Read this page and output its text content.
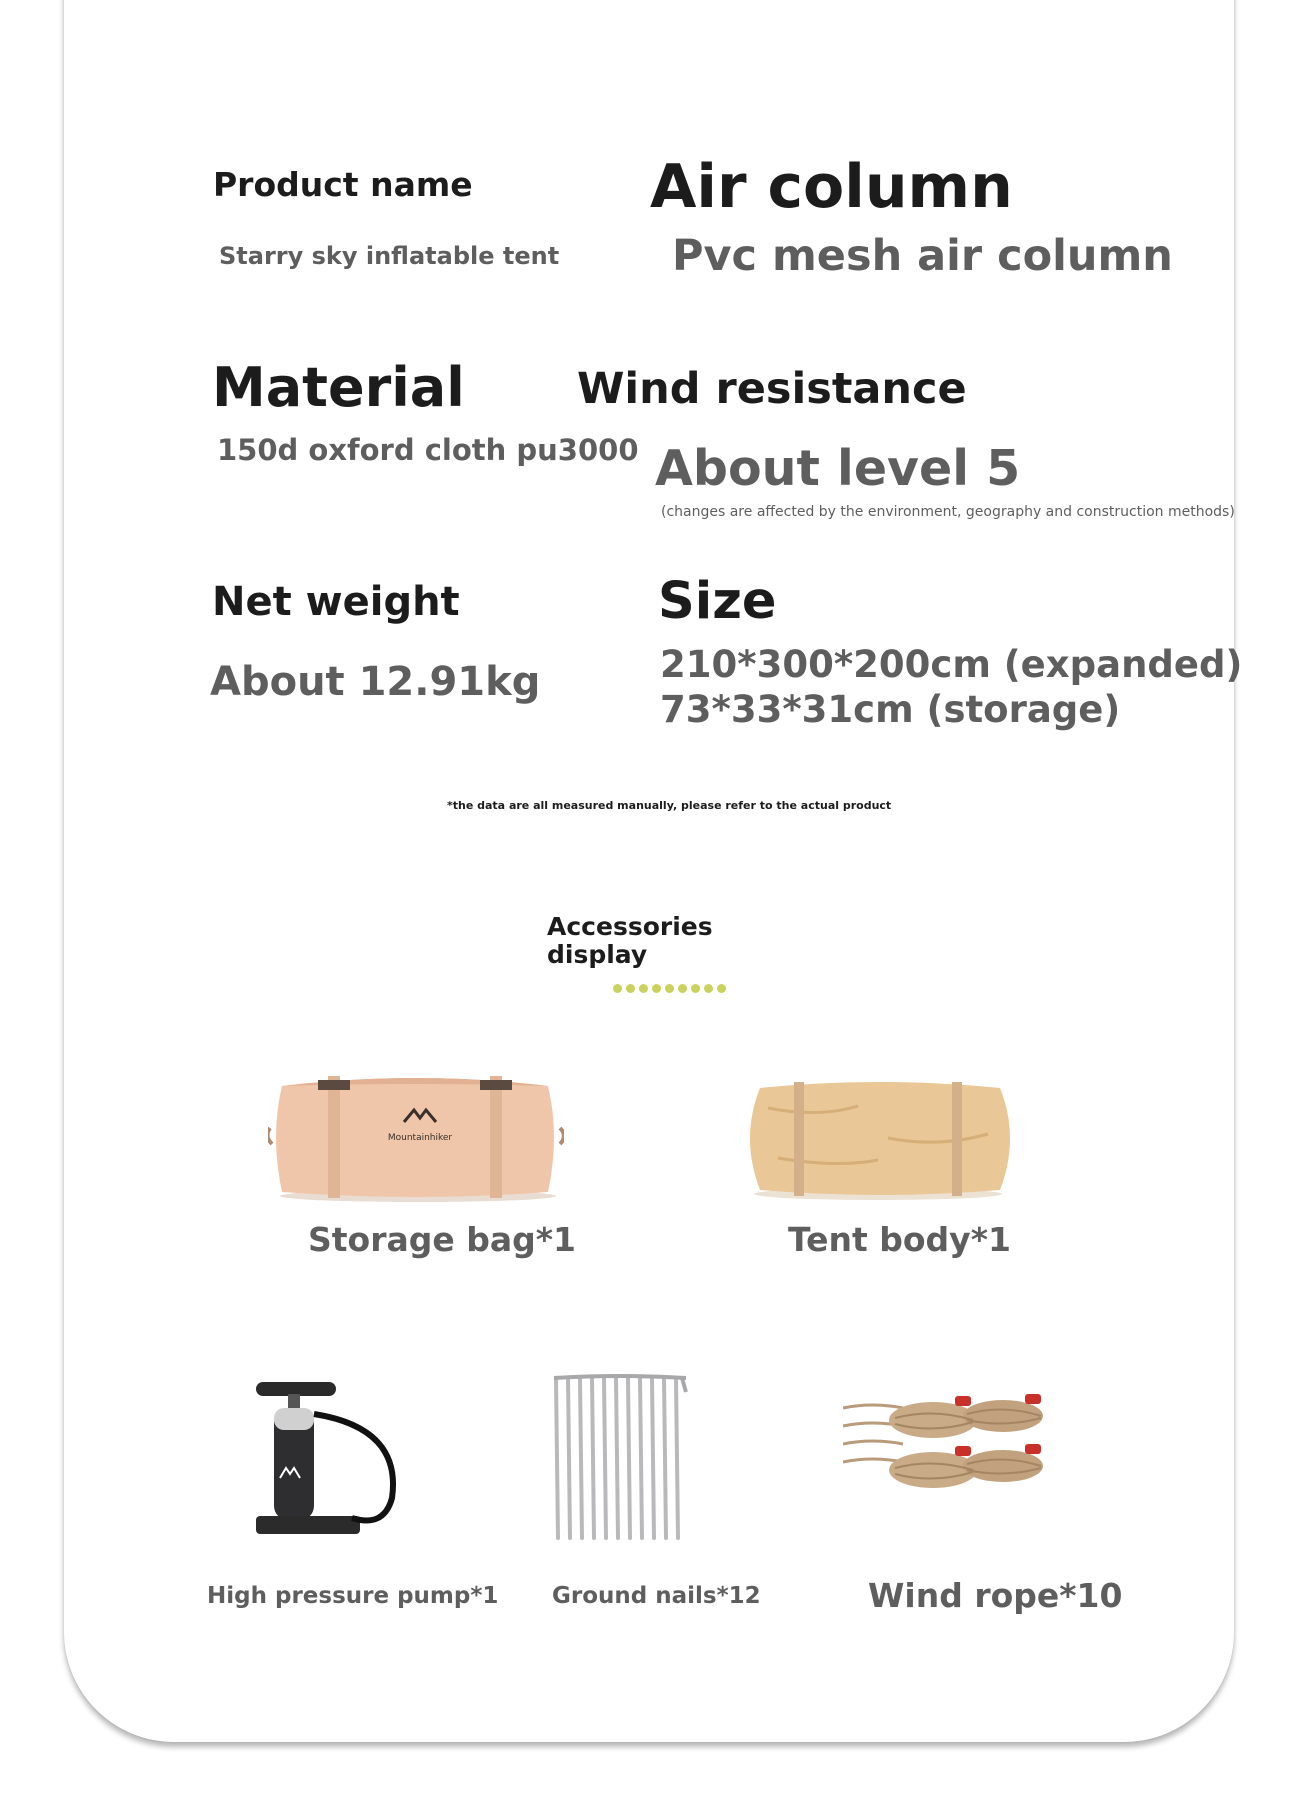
Product name

Starry sky inflatable tent

Air column

Pvc mesh air column

Material

150d oxford cloth pu3000

Wind resistance

About level 5

(changes are affected by the environment, geography and construction methods)

Net weight

About 12.91kg

Size

210*300*200cm (expanded)

73*33*31cm (storage)

*the data are all measured manually, please refer to the actual product

Accessories
display
Mountainhiker

Storage bag*1	Tent body*1

High pressure pump*1 Ground nails*12	Wind rope*10
